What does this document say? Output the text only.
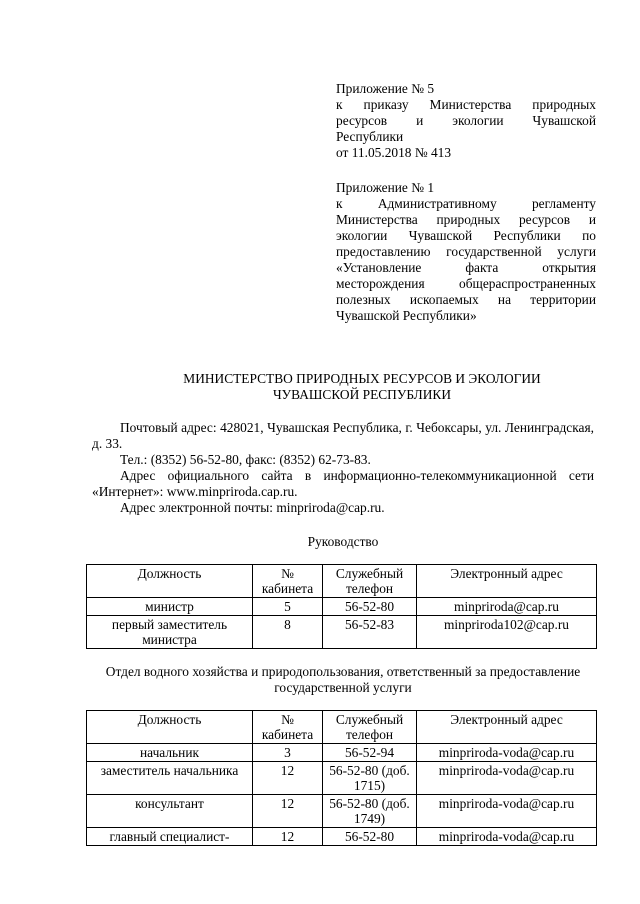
Приложение № 5

к приказу Министерства природных

ресурсов и экологии Чувашской

Республики

от 11.05.2018 № 413

Приложение № 1

к Административному регламенту

Министерства природных ресурсов и

экологии Чувашской Республики по

предоставлению государственной услуги

«Установление факта открытия

месторождения общераспространенных

полезных ископаемых на территории

Чувашской Республики»

МИНИСТЕРСТВО ПРИРОДНЫХ РЕСУРСОВ И ЭКОЛОГИИ
ЧУВАШСКОЙ РЕСПУБЛИКИ

Почтовый адрес: 428021, Чувашская Республика, г. Чебоксары, ул. Ленинградская, д. 33.

Тел.: (8352) 56-52-80, факс: (8352) 62-73-83.

Адрес официального сайта в информационно-телекоммуникационной сети «Интернет»: www.minpriroda.cap.ru.

Адрес электронной почты: minpriroda@cap.ru.

Руководство

Должность	№ кабинета	Служебный телефон	Электронный адрес
министр	5	56-52-80	minpriroda@cap.ru
первый заместитель министра	8	56-52-83	minpriroda102@cap.ru

Отдел водного хозяйства и природопользования, ответственный за предоставление государственной услуги

Должность	№ кабинета	Служебный телефон	Электронный адрес
начальник	3	56-52-94	minpriroda-voda@cap.ru
заместитель начальника	12	56-52-80 (доб. 1715)	minpriroda-voda@cap.ru
консультант	12	56-52-80 (доб. 1749)	minpriroda-voda@cap.ru
главный специалист-	12	56-52-80	minpriroda-voda@cap.ru
